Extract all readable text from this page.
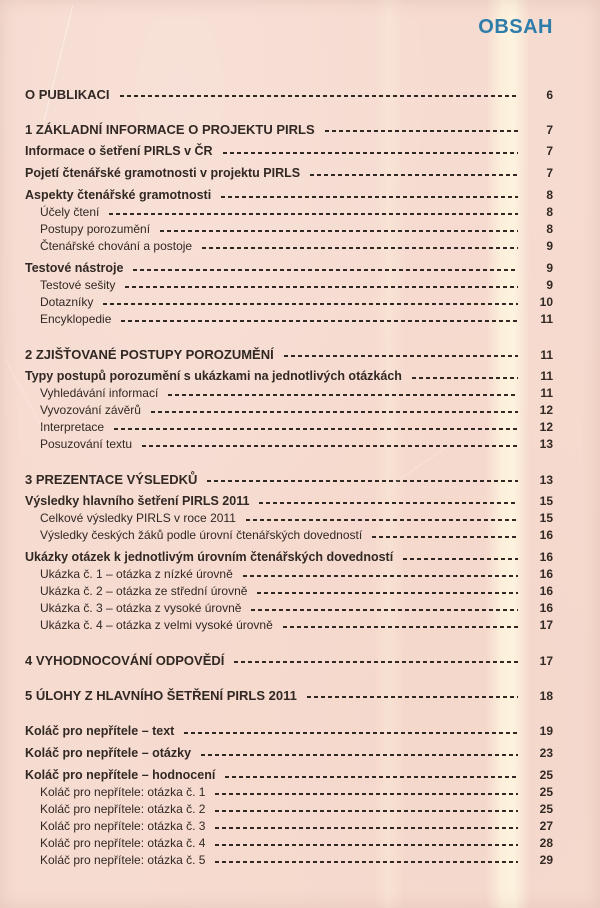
OBSAH
O PUBLIKACI	6
1 ZÁKLADNÍ INFORMACE O PROJEKTU PIRLS	7
Informace o šetření PIRLS v ČR	7
Pojetí čtenářské gramotnosti v projektu PIRLS	7
Aspekty čtenářské gramotnosti	8
Účely čtení	8
Postupy porozumění	8
Čtenářské chování a postoje	9
Testové nástroje	9
Testové sešity	9
Dotazníky	10
Encyklopedie	11
2 ZJIŠŤOVANÉ POSTUPY POROZUMĚNÍ	11
Typy postupů porozumění s ukázkami na jednotlivých otázkách	11
Vyhledávání informací	11
Vyvozování závěrů	12
Interpretace	12
Posuzování textu	13
3 PREZENTACE VÝSLEDKŮ	13
Výsledky hlavního šetření PIRLS 2011	15
Celkové výsledky PIRLS v roce 2011	15
Výsledky českých žáků podle úrovní čtenářských dovedností	16
Ukázky otázek k jednotlivým úrovním čtenářských dovedností	16
Ukázka č. 1 – otázka z nízké úrovně	16
Ukázka č. 2 – otázka ze střední úrovně	16
Ukázka č. 3 – otázka z vysoké úrovně	16
Ukázka č. 4 – otázka z velmi vysoké úrovně	17
4 VYHODNOCOVÁNÍ ODPOVĚDÍ	17
5 ÚLOHY Z HLAVNÍHO ŠETŘENÍ PIRLS 2011	18
Koláč pro nepřítele – text	19
Koláč pro nepřítele – otázky	23
Koláč pro nepřítele – hodnocení	25
Koláč pro nepřítele: otázka č. 1	25
Koláč pro nepřítele: otázka č. 2	25
Koláč pro nepřítele: otázka č. 3	27
Koláč pro nepřítele: otázka č. 4	28
Koláč pro nepřítele: otázka č. 5	29
